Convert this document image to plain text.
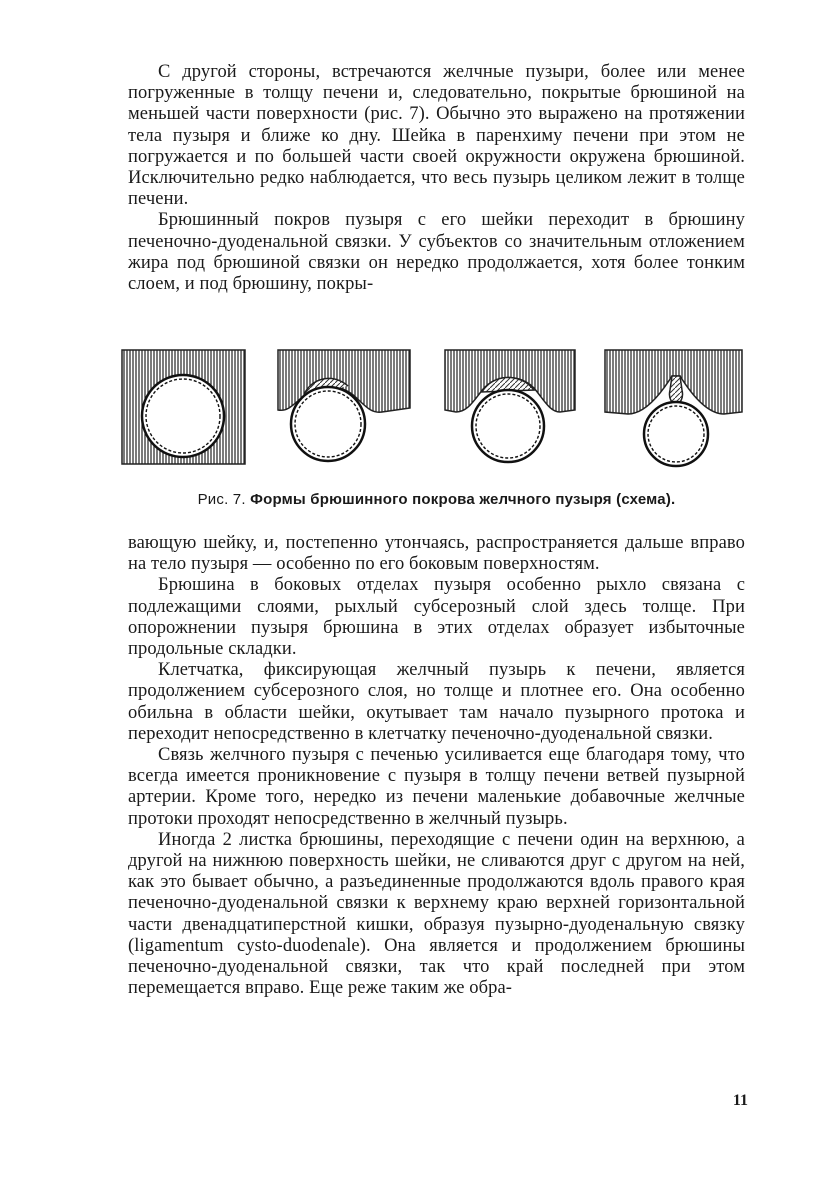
С другой стороны, встречаются желчные пузыри, более или менее погруженные в толщу печени и, следовательно, покрытые брюшиной на меньшей части поверхности (рис. 7). Обычно это выражено на протяжении тела пузыря и ближе ко дну. Шейка в паренхиму печени при этом не погружается и по большей части своей окружности окружена брюшиной. Исключительно редко наблюдается, что весь пузырь целиком лежит в толще печени.

Брюшинный покров пузыря с его шейки переходит в брюшину печеночно-дуоденальной связки. У субъектов со значительным отложением жира под брюшиной связки он нередко продолжается, хотя более тонким слоем, и под брюшину, покры-

Рис. 7. Формы брюшинного покрова желчного пузыря (схема).

вающую шейку, и, постепенно утончаясь, распространяется дальше вправо на тело пузыря — особенно по его боковым поверхностям.

Брюшина в боковых отделах пузыря особенно рыхло связана с подлежащими слоями, рыхлый субсерозный слой здесь толще. При опорожнении пузыря брюшина в этих отделах образует избыточные продольные складки.

Клетчатка, фиксирующая желчный пузырь к печени, является продолжением субсерозного слоя, но толще и плотнее его. Она особенно обильна в области шейки, окутывает там начало пузырного протока и переходит непосредственно в клетчатку печеночно-дуоденальной связки.

Связь желчного пузыря с печенью усиливается еще благодаря тому, что всегда имеется проникновение с пузыря в толщу печени ветвей пузырной артерии. Кроме того, нередко из печени маленькие добавочные желчные протоки проходят непосредственно в желчный пузырь.

Иногда 2 листка брюшины, переходящие с печени один на верхнюю, а другой на нижнюю поверхность шейки, не сливаются друг с другом на ней, как это бывает обычно, а разъединенные продолжаются вдоль правого края печеночно-дуоденальной связки к верхнему краю верхней горизонтальной части двенадцатиперстной кишки, образуя пузырно-дуоденальную связку (ligamentum cysto-duodenale). Она является и продолжением брюшины печеночно-дуоденальной связки, так что край последней при этом перемещается вправо. Еще реже таким же обра-

11
